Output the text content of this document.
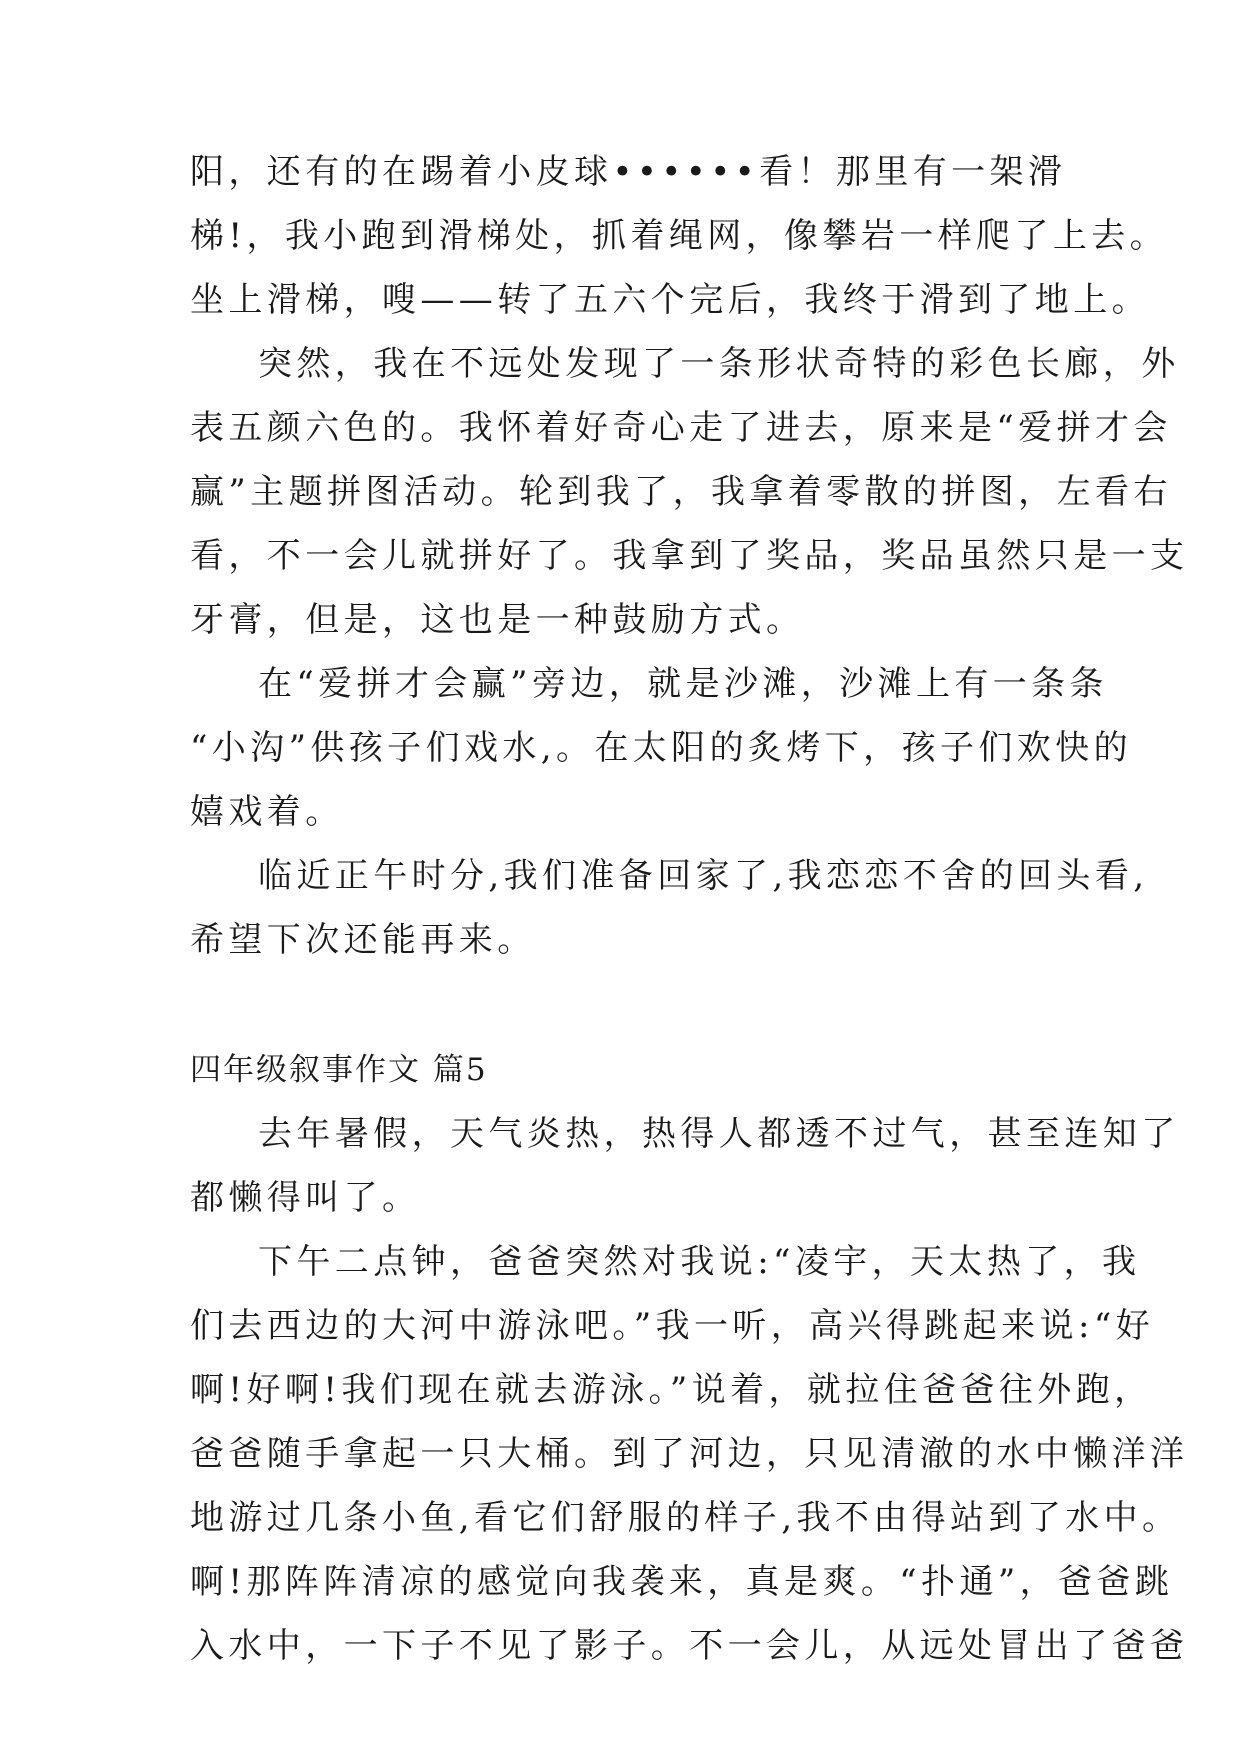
阳，还有的在踢着小皮球••••••看！那里有一架滑
梯!，我小跑到滑梯处，抓着绳网，像攀岩一样爬了上去。
坐上滑梯，嗖——转了五六个完后，我终于滑到了地上。
突然，我在不远处发现了一条形状奇特的彩色长廊，外
表五颜六色的。我怀着好奇心走了进去，原来是“爱拼才会
赢”主题拼图活动。轮到我了，我拿着零散的拼图，左看右
看，不一会儿就拼好了。我拿到了奖品，奖品虽然只是一支
牙膏，但是，这也是一种鼓励方式。
在“爱拼才会赢”旁边，就是沙滩，沙滩上有一条条
“小沟”供孩子们戏水,。在太阳的炙烤下，孩子们欢快的
嬉戏着。
临近正午时分,我们准备回家了,我恋恋不舍的回头看,
希望下次还能再来。
四年级叙事作文 篇5
去年暑假，天气炎热，热得人都透不过气，甚至连知了
都懒得叫了。
下午二点钟，爸爸突然对我说:“凌宇，天太热了，我
们去西边的大河中游泳吧。”我一听，高兴得跳起来说:“好
啊!好啊!我们现在就去游泳。”说着，就拉住爸爸往外跑，
爸爸随手拿起一只大桶。到了河边，只见清澈的水中懒洋洋
地游过几条小鱼,看它们舒服的样子,我不由得站到了水中。
啊!那阵阵清凉的感觉向我袭来，真是爽。“扑通”，爸爸跳
入水中，一下子不见了影子。不一会儿，从远处冒出了爸爸
